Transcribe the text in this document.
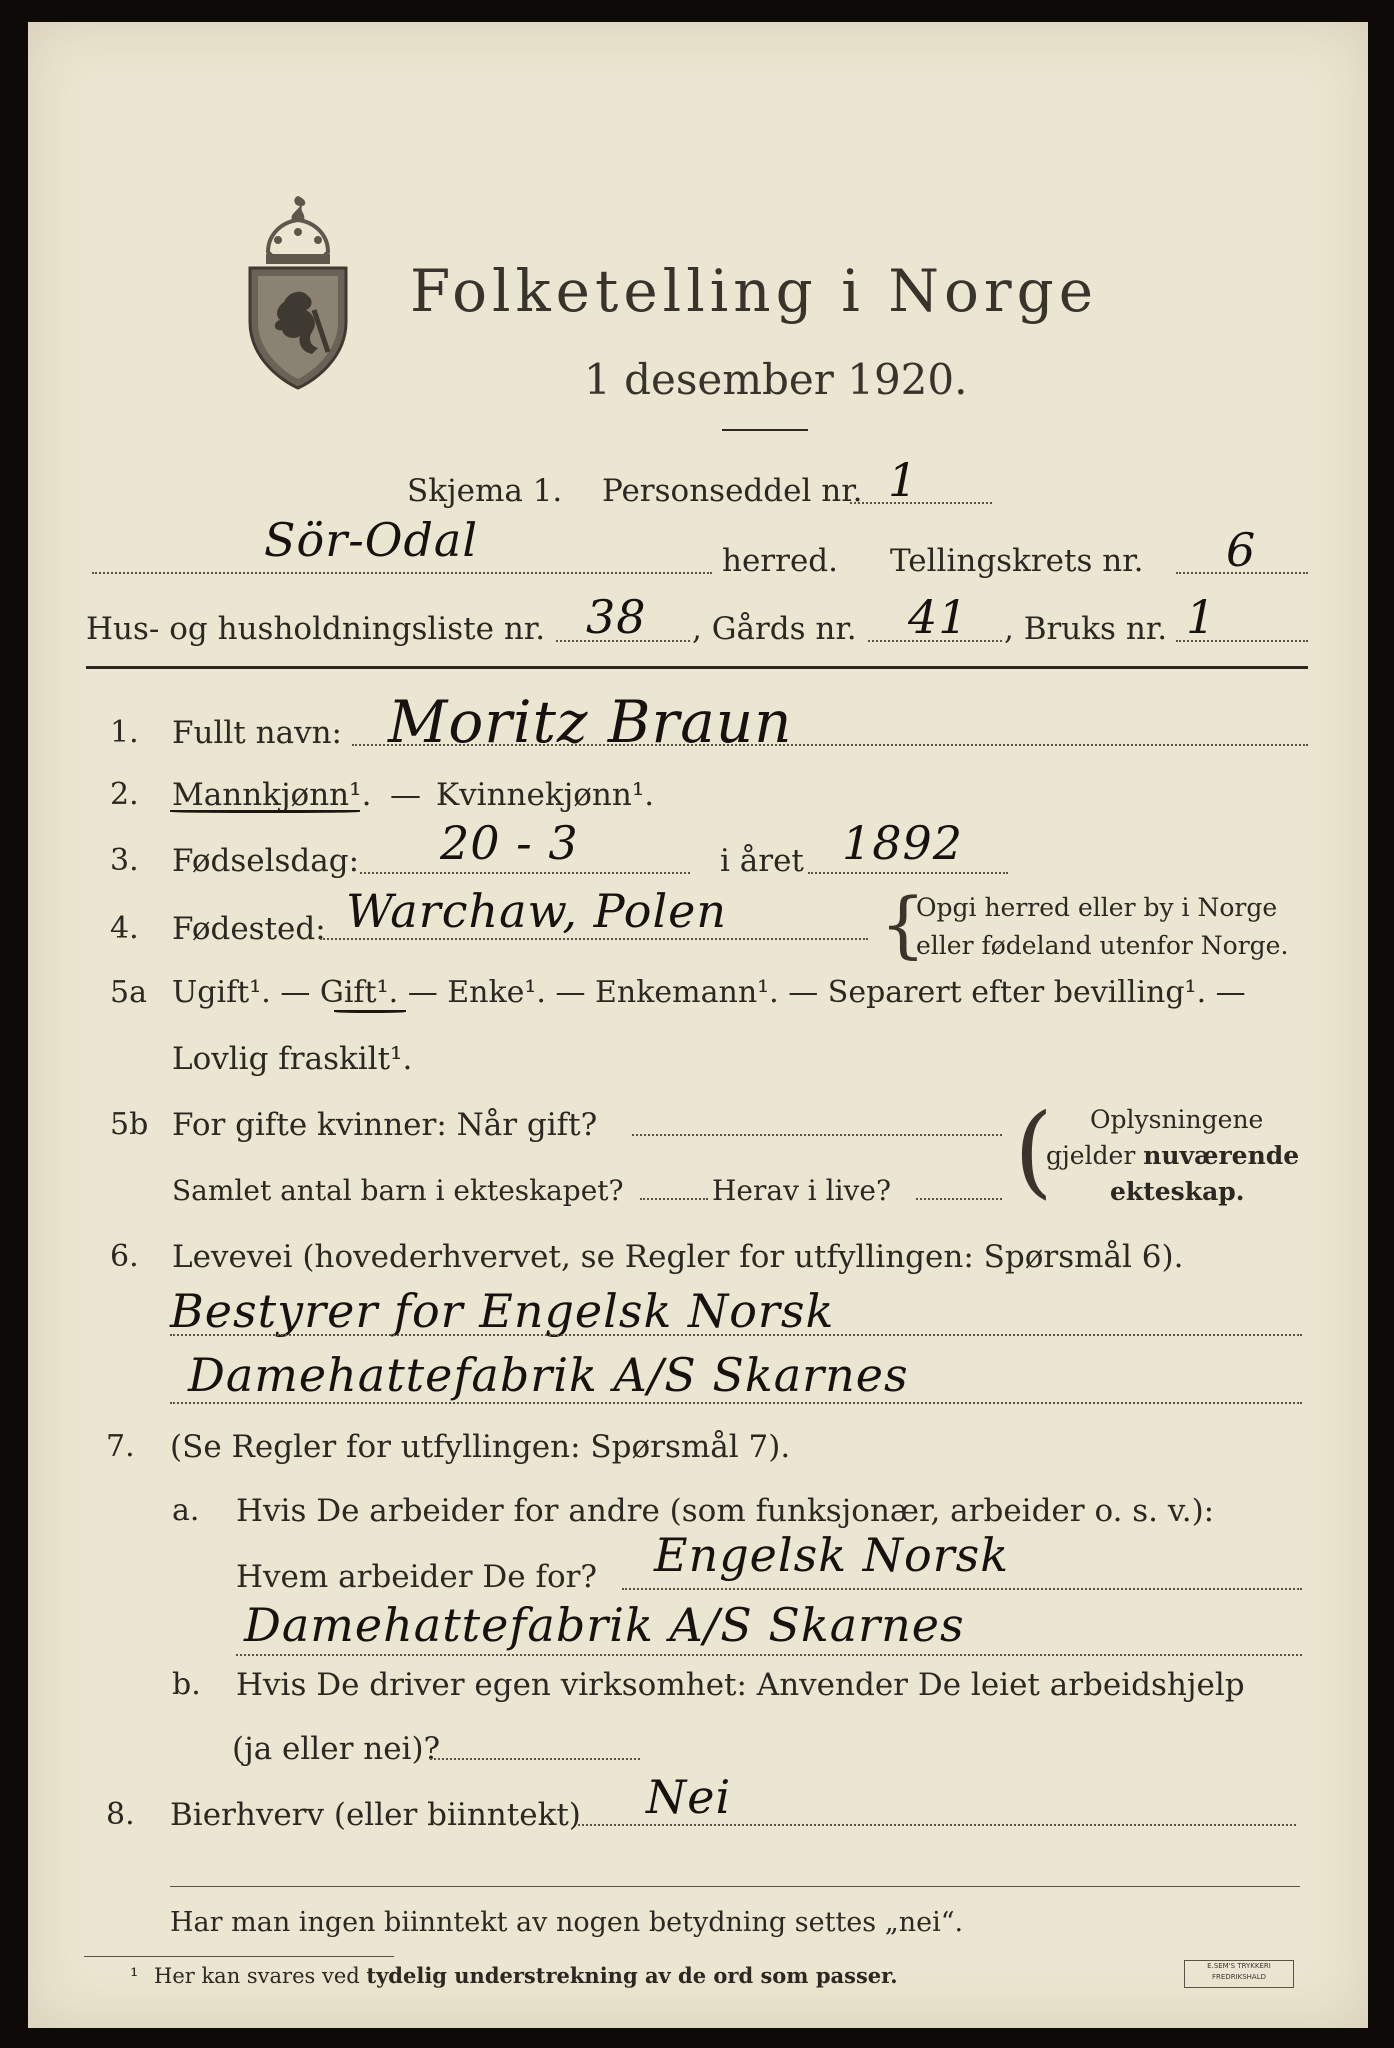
Folketelling i Norge
1 desember 1920.
Skjema 1. Personseddel nr. 1
Sör-Odal	herred. Tellingskrets nr. 6
Hus- og husholdningsliste nr. 38 , Gårds nr. 41 , Bruks nr. 1
1. Fullt navn: Moritz Braun
2. Mannkjønn¹. — Kvinnekjønn¹.
3. Fødselsdag: 20 - 3	i året 1892
4. Fødested: Warchaw, Polen {
Opgi herred eller by i Norge
eller fødeland utenfor Norge.
5a Ugift¹. — Gift¹. — Enke¹. — Enkemann¹. — Separert efter bevilling¹. —
Lovlig fraskilt¹.
5b For gifte kvinner: Når gift?
Samlet antal barn i ekteskapet?	Herav i live? ( Oplysningene
gjelder nuværende
ekteskap.
6. Levevei (hovederhvervet, se Regler for utfyllingen: Spørsmål 6).
Bestyrer for Engelsk Norsk
Damehattefabrik A/S Skarnes
7. (Se Regler for utfyllingen: Spørsmål 7).
a. Hvis De arbeider for andre (som funksjonær, arbeider o. s. v.):
Hvem arbeider De for? Engelsk Norsk
Damehattefabrik A/S Skarnes
b. Hvis De driver egen virksomhet: Anvender De leiet arbeidshjelp
(ja eller nei)?
8. Bierhverv (eller biinntekt) Nei
Har man ingen biinntekt av nogen betydning settes „nei“.
¹ Her kan svares ved tydelig understrekning av de ord som passer.	E.SEM'S TRYKKERI
FREDRIKSHALD
